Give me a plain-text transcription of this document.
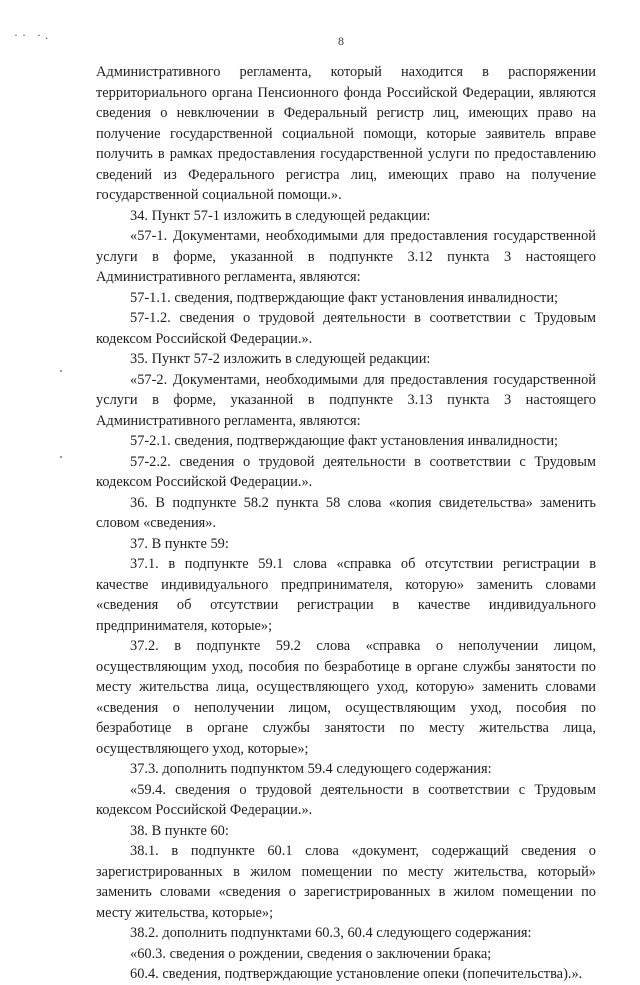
·· ·.	8

Административного регламента, который находится в распоряжении территориального органа Пенсионного фонда Российской Федерации, являются сведения о невключении в Федеральный регистр лиц, имеющих право на получение государственной социальной помощи, которые заявитель вправе получить в рамках предоставления государственной услуги по предоставлению сведений из Федерального регистра лиц, имеющих право на получение государственной социальной помощи.».

34. Пункт 57-1 изложить в следующей редакции:

«57-1. Документами, необходимыми для предоставления государственной услуги в форме, указанной в подпункте 3.12 пункта 3 настоящего Административного регламента, являются:

57-1.1. сведения, подтверждающие факт установления инвалидности;

57-1.2. сведения о трудовой деятельности в соответствии с Трудовым кодексом Российской Федерации.».

35. Пункт 57-2 изложить в следующей редакции:

«57-2. Документами, необходимыми для предоставления государственной услуги в форме, указанной в подпункте 3.13 пункта 3 настоящего Административного регламента, являются:

57-2.1. сведения, подтверждающие факт установления инвалидности;

57-2.2. сведения о трудовой деятельности в соответствии с Трудовым кодексом Российской Федерации.».

36. В подпункте 58.2 пункта 58 слова «копия свидетельства» заменить словом «сведения».

37. В пункте 59:

37.1. в подпункте 59.1 слова «справка об отсутствии регистрации в качестве индивидуального предпринимателя, которую» заменить словами «сведения об отсутствии регистрации в качестве индивидуального предпринимателя, которые»;

37.2. в подпункте 59.2 слова «справка о неполучении лицом, осуществляющим уход, пособия по безработице в органе службы занятости по месту жительства лица, осуществляющего уход, которую» заменить словами «сведения о неполучении лицом, осуществляющим уход, пособия по безработице в органе службы занятости по месту жительства лица, осуществляющего уход, которые»;

37.3. дополнить подпунктом 59.4 следующего содержания:

«59.4. сведения о трудовой деятельности в соответствии с Трудовым кодексом Российской Федерации.».

38. В пункте 60:

38.1. в подпункте 60.1 слова «документ, содержащий сведения о зарегистрированных в жилом помещении по месту жительства, который» заменить словами «сведения о зарегистрированных в жилом помещении по месту жительства, которые»;

38.2. дополнить подпунктами 60.3, 60.4 следующего содержания:

«60.3. сведения о рождении, сведения о заключении брака;

60.4. сведения, подтверждающие установление опеки (попечительства).».
